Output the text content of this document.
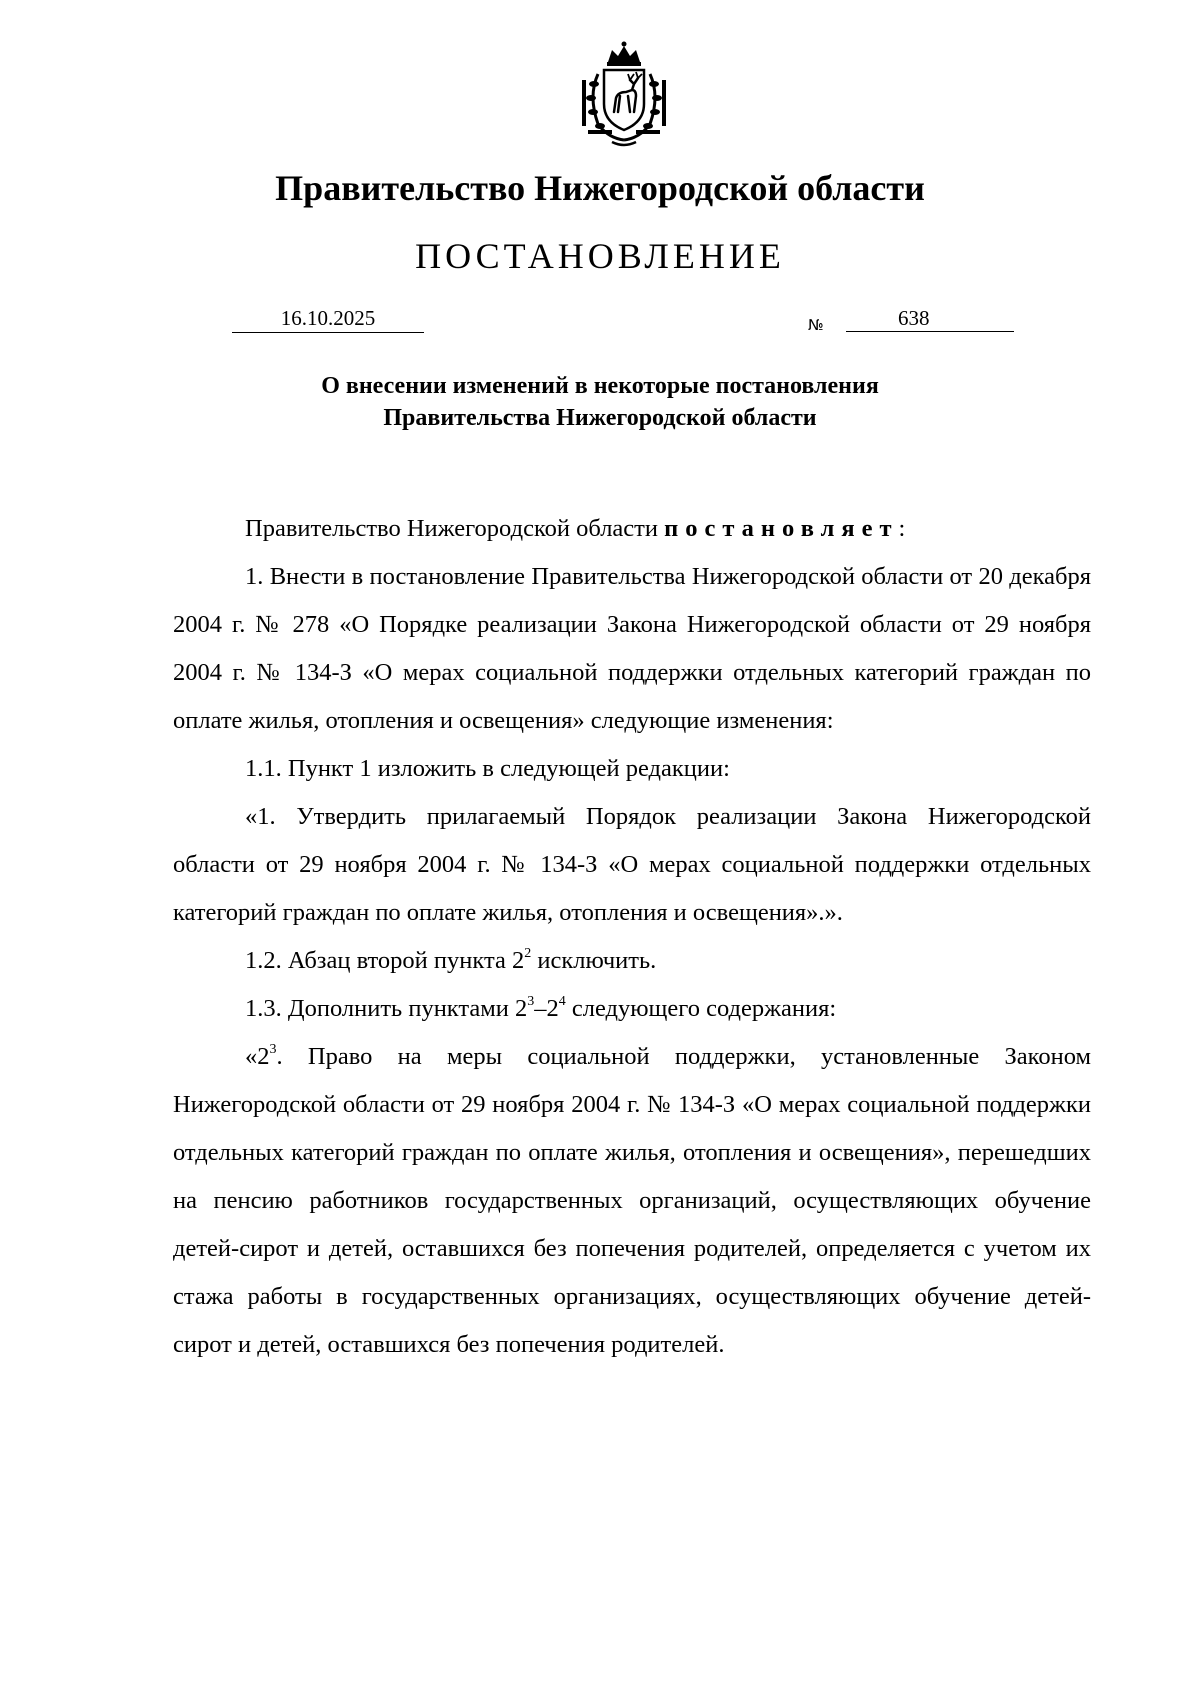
Правительство Нижегородской области
ПОСТАНОВЛЕНИЕ
16.10.2025	№	638
О внесении изменений в некоторые постановления
Правительства Нижегородской области

Правительство Нижегородской области постановляет:

1. Внести в постановление Правительства Нижегородской области от 20 декабря 2004 г. № 278 «О Порядке реализации Закона Нижегородской области от 29 ноября 2004 г. № 134-З «О мерах социальной поддержки отдельных категорий граждан по оплате жилья, отопления и освещения» следующие изменения:

1.1. Пункт 1 изложить в следующей редакции:

«1. Утвердить прилагаемый Порядок реализации Закона Нижегородской области от 29 ноября 2004 г. № 134-З «О мерах социальной поддержки отдельных категорий граждан по оплате жилья, отопления и освещения».».

1.2. Абзац второй пункта $2^2$ исключить.

1.3. Дополнить пунктами $2^3-2^4$ следующего содержания:

«$2^3$. Право на меры социальной поддержки, установленные Законом Нижегородской области от 29 ноября 2004 г. № 134-З «О мерах социальной поддержки отдельных категорий граждан по оплате жилья, отопления и освещения», перешедших на пенсию работников государственных организаций, осуществляющих обучение детей-сирот и детей, оставшихся без попечения родителей, определяется с учетом их стажа работы в государственных организациях, осуществляющих обучение детей-сирот и детей, оставшихся без попечения родителей.
